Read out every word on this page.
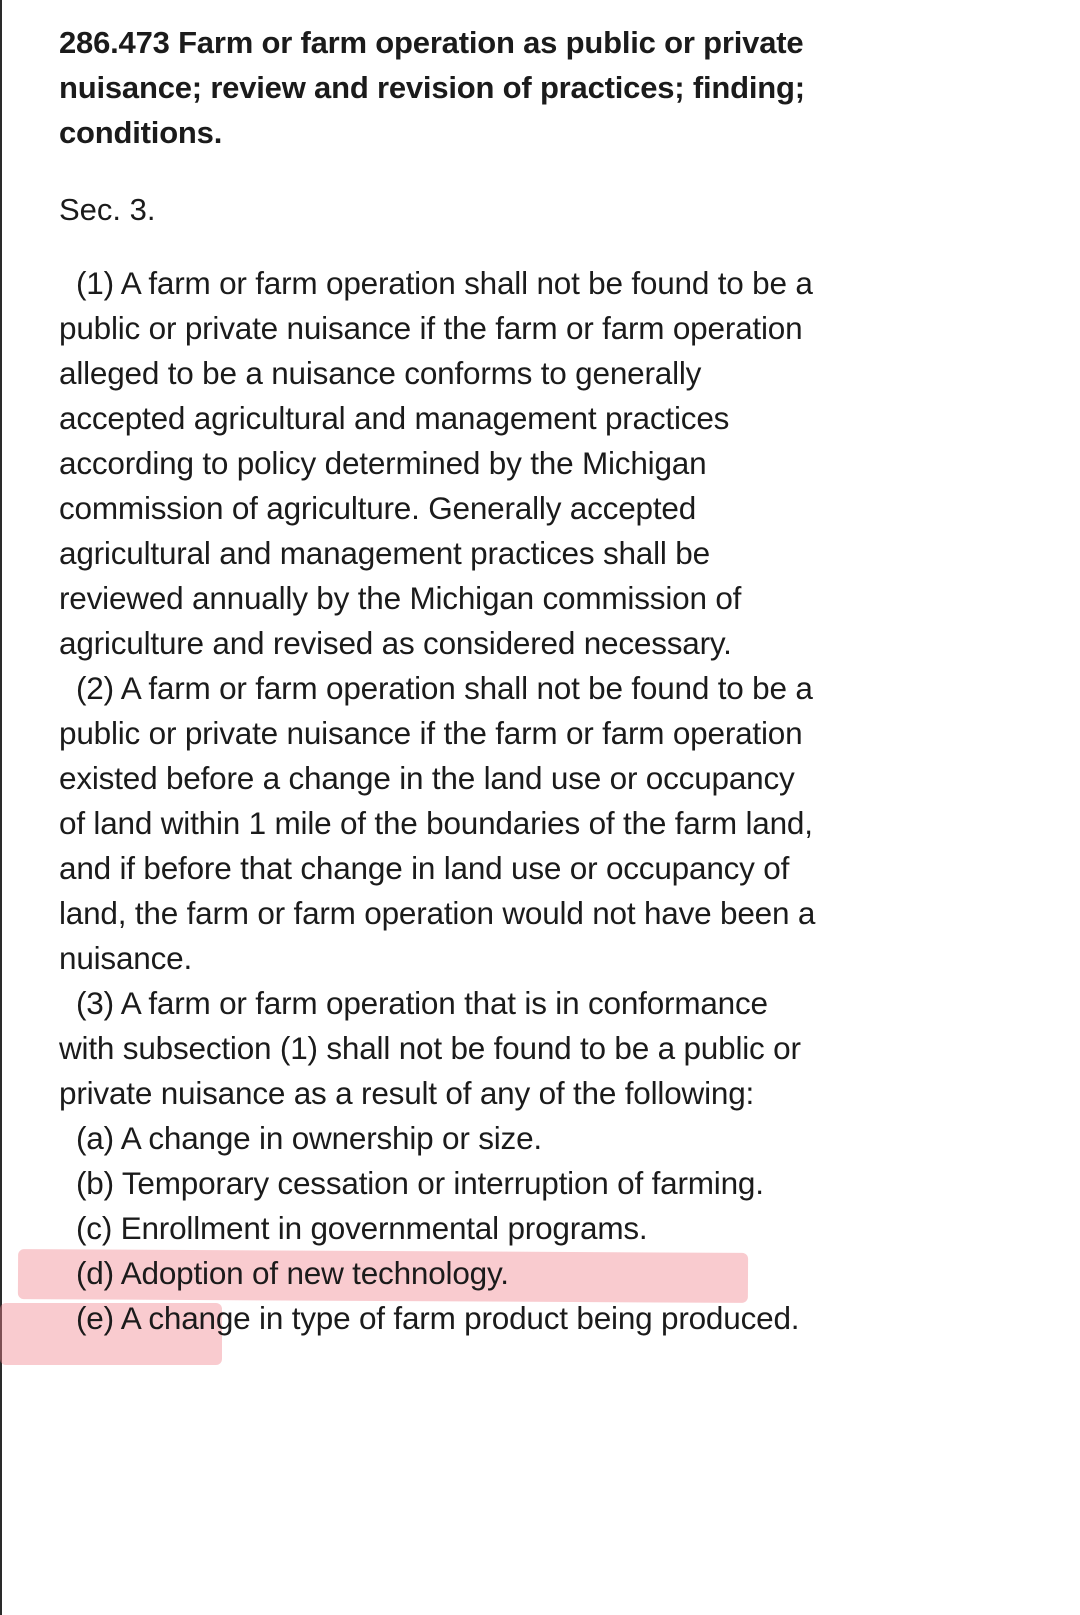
286.473 Farm or farm operation as public or private nuisance; review and revision of practices; finding; conditions.

Sec. 3.

(1) A farm or farm operation shall not be found to be a public or private nuisance if the farm or farm operation alleged to be a nuisance conforms to generally accepted agricultural and management practices according to policy determined by the Michigan commission of agriculture. Generally accepted agricultural and management practices shall be reviewed annually by the Michigan commission of agriculture and revised as considered necessary.

(2) A farm or farm operation shall not be found to be a public or private nuisance if the farm or farm operation existed before a change in the land use or occupancy of land within 1 mile of the boundaries of the farm land, and if before that change in land use or occupancy of land, the farm or farm operation would not have been a nuisance.

(3) A farm or farm operation that is in conformance with subsection (1) shall not be found to be a public or private nuisance as a result of any of the following:

(a) A change in ownership or size.

(b) Temporary cessation or interruption of farming.

(c) Enrollment in governmental programs.

(d) Adoption of new technology.

(e) A change in type of farm product being produced.
